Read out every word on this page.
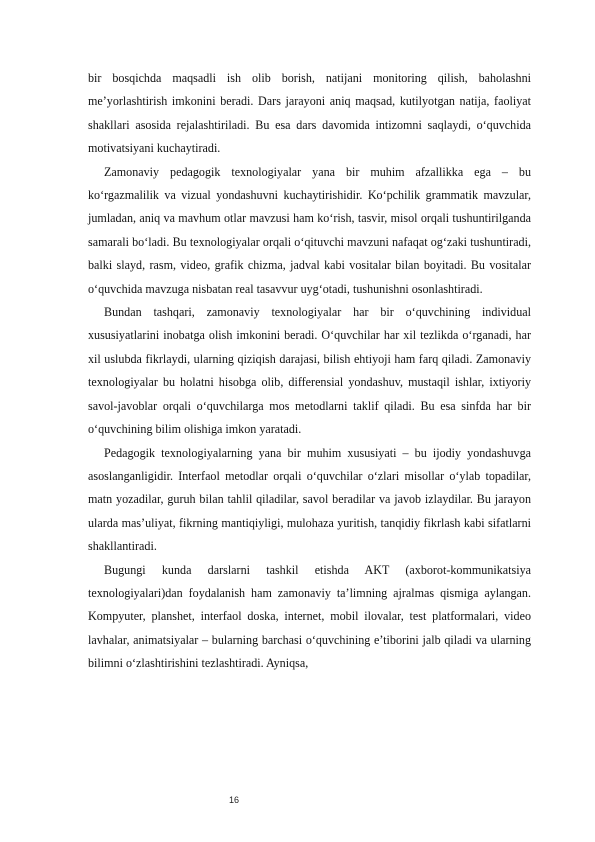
bir bosqichda maqsadli ish olib borish, natijani monitoring qilish, baholashni me’yorlashtirish imkonini beradi. Dars jarayoni aniq maqsad, kutilyotgan natija, faoliyat shakllari asosida rejalashtiriladi. Bu esa dars davomida intizomni saqlaydi, o‘quvchida motivatsiyani kuchaytiradi.

Zamonaviy pedagogik texnologiyalar yana bir muhim afzallikka ega – bu ko‘rgazmalilik va vizual yondashuvni kuchaytirishidir. Ko‘pchilik grammatik mavzular, jumladan, aniq va mavhum otlar mavzusi ham ko‘rish, tasvir, misol orqali tushuntirilganda samarali bo‘ladi. Bu texnologiyalar orqali o‘qituvchi mavzuni nafaqat og‘zaki tushuntiradi, balki slayd, rasm, video, grafik chizma, jadval kabi vositalar bilan boyitadi. Bu vositalar o‘quvchida mavzuga nisbatan real tasavvur uyg‘otadi, tushunishni osonlashtiradi.

Bundan tashqari, zamonaviy texnologiyalar har bir o‘quvchining individual xususiyatlarini inobatga olish imkonini beradi. O‘quvchilar har xil tezlikda o‘rganadi, har xil uslubda fikrlaydi, ularning qiziqish darajasi, bilish ehtiyoji ham farq qiladi. Zamonaviy texnologiyalar bu holatni hisobga olib, differensial yondashuv, mustaqil ishlar, ixtiyoriy savol-javoblar orqali o‘quvchilarga mos metodlarni taklif qiladi. Bu esa sinfda har bir o‘quvchining bilim olishiga imkon yaratadi.

Pedagogik texnologiyalarning yana bir muhim xususiyati – bu ijodiy yondashuvga asoslanganligidir. Interfaol metodlar orqali o‘quvchilar o‘zlari misollar o‘ylab topadilar, matn yozadilar, guruh bilan tahlil qiladilar, savol beradilar va javob izlaydilar. Bu jarayon ularda mas’uliyat, fikrning mantiqiyligi, mulohaza yuritish, tanqidiy fikrlash kabi sifatlarni shakllantiradi.

Bugungi kunda darslarni tashkil etishda AKT (axborot-kommunikatsiya texnologiyalari)dan foydalanish ham zamonaviy ta’limning ajralmas qismiga aylangan. Kompyuter, planshet, interfaol doska, internet, mobil ilovalar, test platformalari, video lavhalar, animatsiyalar – bularning barchasi o‘quvchining e’tiborini jalb qiladi va ularning bilimni o‘zlashtirishini tezlashtiradi. Ayniqsa,

16
